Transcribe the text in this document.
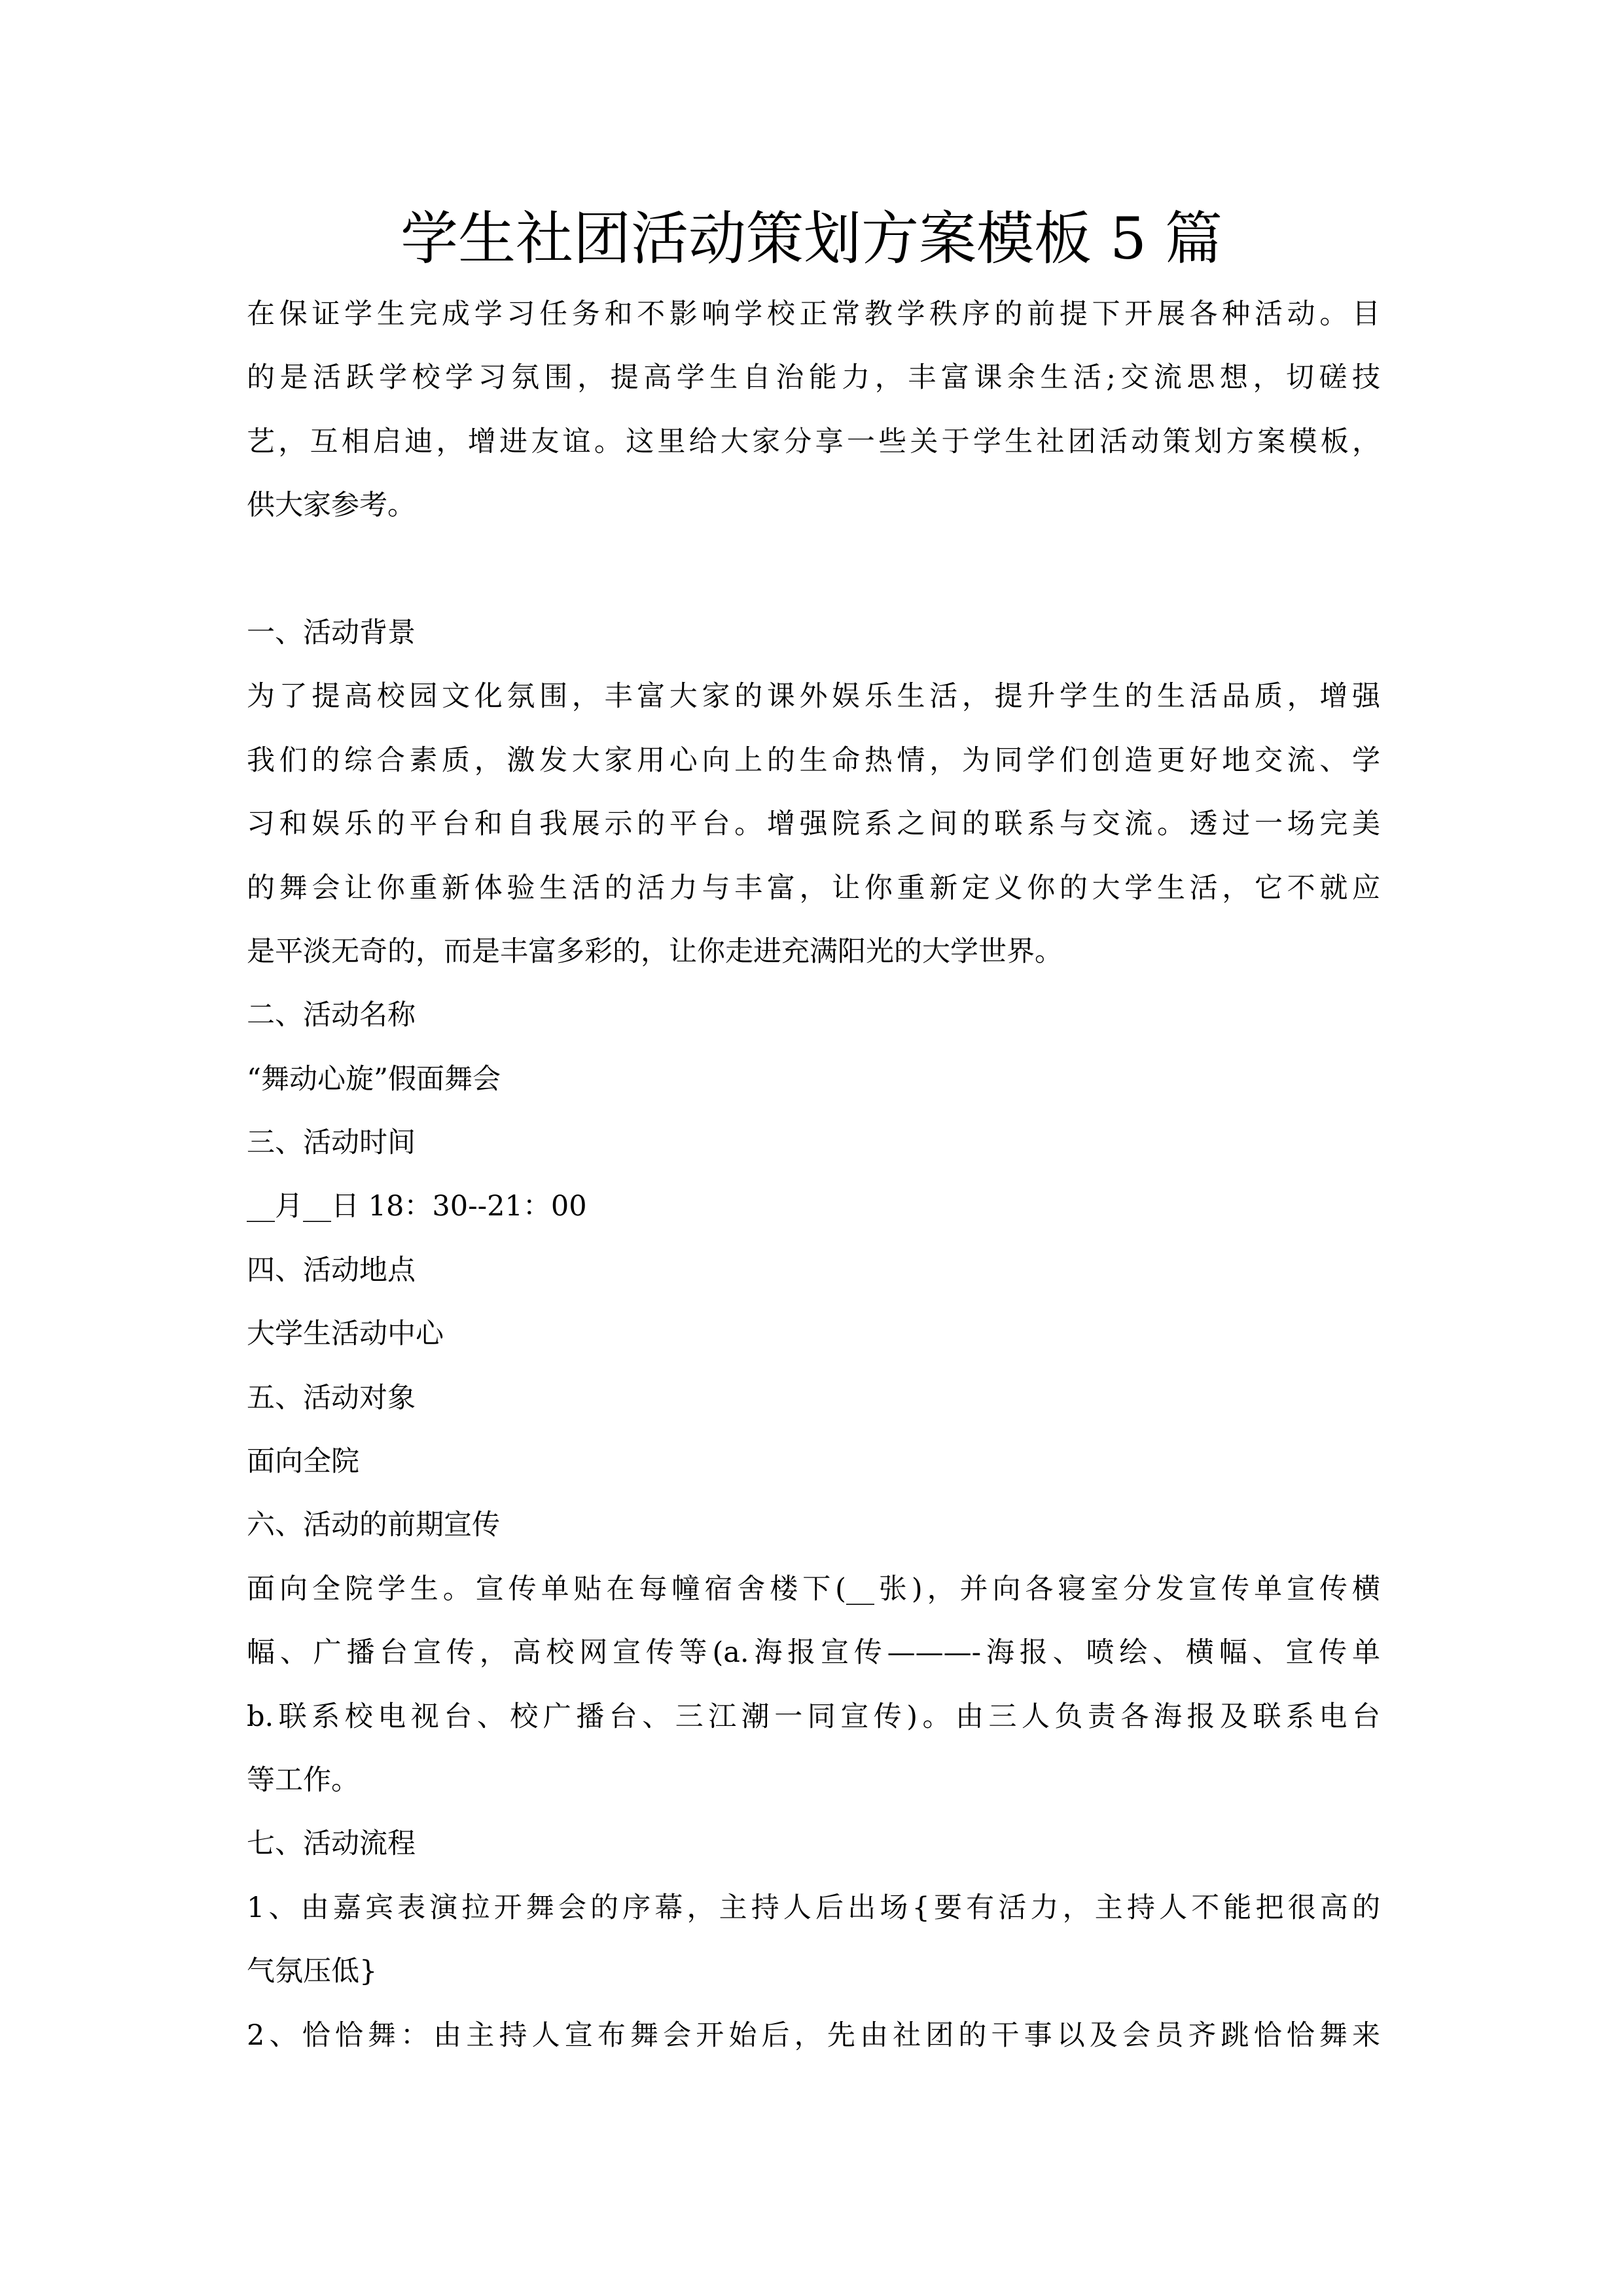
学生社团活动策划方案模板 5 篇
在保证学生完成学习任务和不影响学校正常教学秩序的前提下开展各种活动。目
的是活跃学校学习氛围，提高学生自治能力，丰富课余生活;交流思想，切磋技
艺，互相启迪，增进友谊。这里给大家分享一些关于学生社团活动策划方案模板，
供大家参考。
一、活动背景
为了提高校园文化氛围，丰富大家的课外娱乐生活，提升学生的生活品质，增强
我们的综合素质，激发大家用心向上的生命热情，为同学们创造更好地交流、学
习和娱乐的平台和自我展示的平台。增强院系之间的联系与交流。透过一场完美
的舞会让你重新体验生活的活力与丰富，让你重新定义你的大学生活，它不就应
是平淡无奇的，而是丰富多彩的，让你走进充满阳光的大学世界。
二、活动名称
“舞动心旋”假面舞会
三、活动时间
__月__日 18：30--21：00
四、活动地点
大学生活动中心
五、活动对象
面向全院
六、活动的前期宣传
面向全院学生。宣传单贴在每幢宿舍楼下(__张)，并向各寝室分发宣传单宣传横
幅、广播台宣传，高校网宣传等(a.海报宣传———-海报、喷绘、横幅、宣传单
b.联系校电视台、校广播台、三江潮一同宣传)。由三人负责各海报及联系电台
等工作。
七、活动流程
1、由嘉宾表演拉开舞会的序幕，主持人后出场{要有活力，主持人不能把很高的
气氛压低}
2、恰恰舞：由主持人宣布舞会开始后，先由社团的干事以及会员齐跳恰恰舞来
